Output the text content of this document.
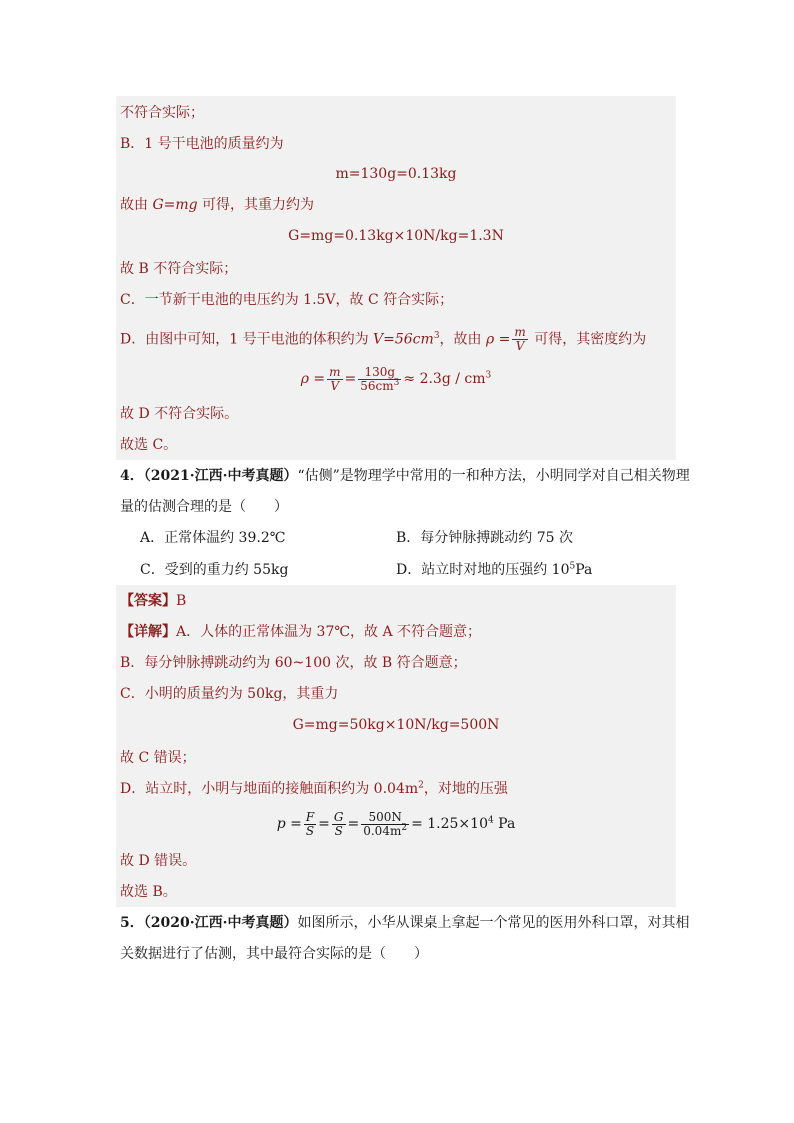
不符合实际；
B．1 号干电池的质量约为
m=130g=0.13kg
故由 G=mg 可得，其重力约为
G=mg=0.13kg×10N/kg=1.3N
故 B 不符合实际；
C．一节新干电池的电压约为 1.5V，故 C 符合实际；
D．由图中可知，1 号干电池的体积约为 $V=56cm^3$，故由 $\rho = \frac{m}{V}$ 可得，其密度约为
$\rho = \frac{m}{V} = \frac{130g}{56cm^3} \approx 2.3g / cm^3$
故 D 不符合实际。
故选 C。
4．（2021·江西·中考真题）“估侧”是物理学中常用的一和种方法，小明同学对自己相关物理
量的估测合理的是（　　）
A．正常体温约 39.2℃	B．每分钟脉搏跳动约 75 次
C．受到的重力约 55kg	D．站立时对地的压强约 $10^5Pa$
【答案】B
【详解】A．人体的正常体温为 37℃，故 A 不符合题意；
B．每分钟脉搏跳动约为 60~100 次，故 B 符合题意；
C．小明的质量约为 50kg，其重力
G=mg=50kg×10N/kg=500N
故 C 错误；
D．站立时，小明与地面的接触面积约为 $0.04m^2$，对地的压强
$p = \frac{F}{S} = \frac{G}{S} = \frac{500N}{0.04m^2} = 1.25\times 10^4$ Pa
故 D 错误。
故选 B。
5．（2020·江西·中考真题）如图所示，小华从课桌上拿起一个常见的医用外科口罩，对其相
关数据进行了估测，其中最符合实际的是（　　）
